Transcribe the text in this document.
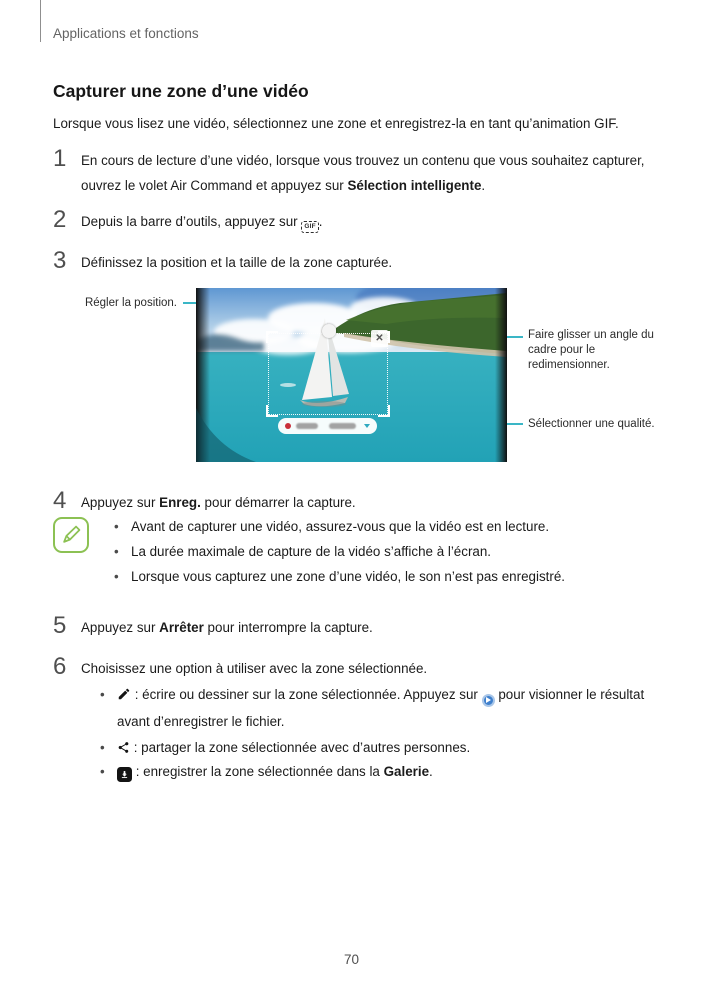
Applications et fonctions
Capturer une zone d’une vidéo

Lorsque vous lisez une vidéo, sélectionnez une zone et enregistrez-la en tant qu’animation GIF.

1	En cours de lecture d’une vidéo, lorsque vous trouvez un contenu que vous souhaitez capturer, ouvrez le volet Air Command et appuyez sur Sélection intelligente.
2	Depuis la barre d’outils, appuyez sur GIF .
3	Définissez la position et la taille de la zone capturée.
Régler la position.
Faire glisser un angle du cadre pour le redimensionner.
Sélectionner une qualité.
✕
4	Appuyez sur Enreg. pour démarrer la capture.
• Avant de capturer une vidéo, assurez-vous que la vidéo est en lecture.
• La durée maximale de capture de la vidéo s’affiche à l’écran.
• Lorsque vous capturez une zone d’une vidéo, le son n’est pas enregistré.
5	Appuyez sur Arrêter pour interrompre la capture.
6	Choisissez une option à utiliser avec la zone sélectionnée.
•	: écrire ou dessiner sur la zone sélectionnée. Appuyez sur
pour visionner le résultat avant d’enregistrer le fichier.
•	: partager la zone sélectionnée avec d’autres personnes.
•	: enregistrer la zone sélectionnée dans la Galerie.
70
